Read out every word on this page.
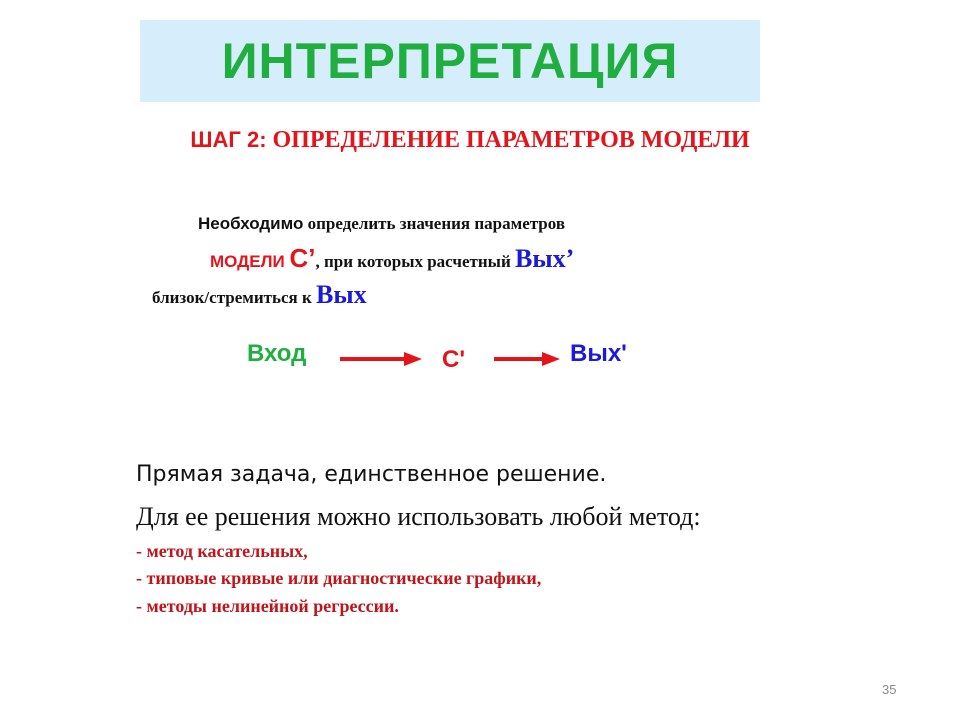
ИНТЕРПРЕТАЦИЯ
ШАГ 2: ОПРЕДЕЛЕНИЕ ПАРАМЕТРОВ МОДЕЛИ
Необходимо определить значения параметров
МОДЕЛИ С’, при которых расчетный Вых’
близок/стремиться к Вых
Вход	С'	Вых'
Прямая задача, единственное решение.
Для ее решения можно использовать любой метод:
- метод касательных,
- типовые кривые или диагностические графики,
- методы нелинейной регрессии.
35
